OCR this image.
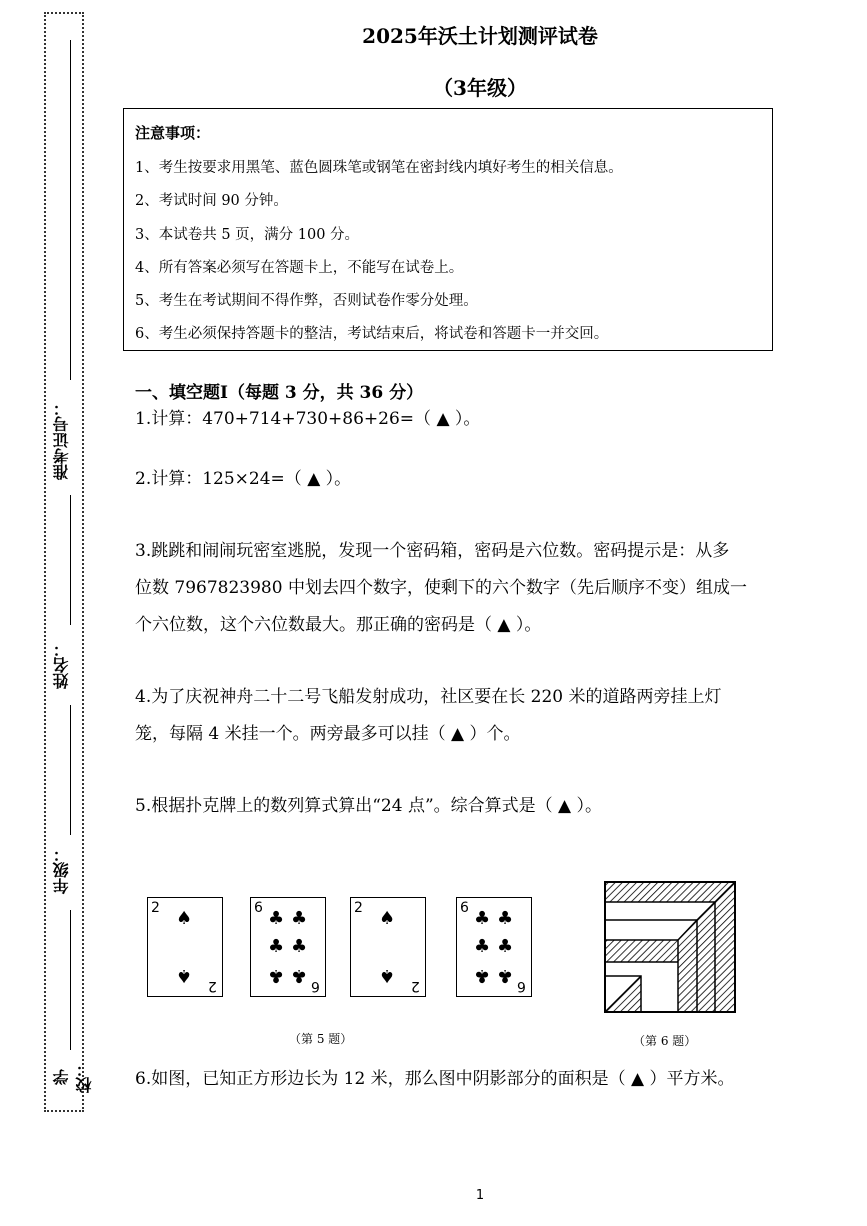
准考证号：
姓名：
年级：
学校：
2025年沃土计划测评试卷
（3年级）
注意事项：
1、考生按要求用黑笔、蓝色圆珠笔或钢笔在密封线内填好考生的相关信息。
2、考试时间 90 分钟。
3、本试卷共 5 页，满分 100 分。
4、所有答案必须写在答题卡上，不能写在试卷上。
5、考生在考试期间不得作弊，否则试卷作零分处理。
6、考生必须保持答题卡的整洁，考试结束后，将试卷和答题卡一并交回。
一、填空题Ⅰ（每题 3 分，共 36 分）
1.计算：470+714+730+86+26=（ ▲ ）。
2.计算：125×24=（ ▲ ）。
3.跳跳和闹闹玩密室逃脱，发现一个密码箱，密码是六位数。密码提示是：从多
位数 7967823980 中划去四个数字，使剩下的六个数字（先后顺序不变）组成一
个六位数，这个六位数最大。那正确的密码是（ ▲ ）。
4.为了庆祝神舟二十二号飞船发射成功，社区要在长 220 米的道路两旁挂上灯
笼，每隔 4 米挂一个。两旁最多可以挂（ ▲ ）个。
5.根据扑克牌上的数列算式算出“24 点”。综合算式是（ ▲ ）。
2 ♠
♠ 2
6 ♣ ♣
♣ ♣
♣ ♣ 6
2 ♠
♠ 2
6 ♣ ♣
♣ ♣
♣ ♣ 6
（第 5 题）	（第 6 题）
6.如图，已知正方形边长为 12 米，那么图中阴影部分的面积是（ ▲ ）平方米。
1
